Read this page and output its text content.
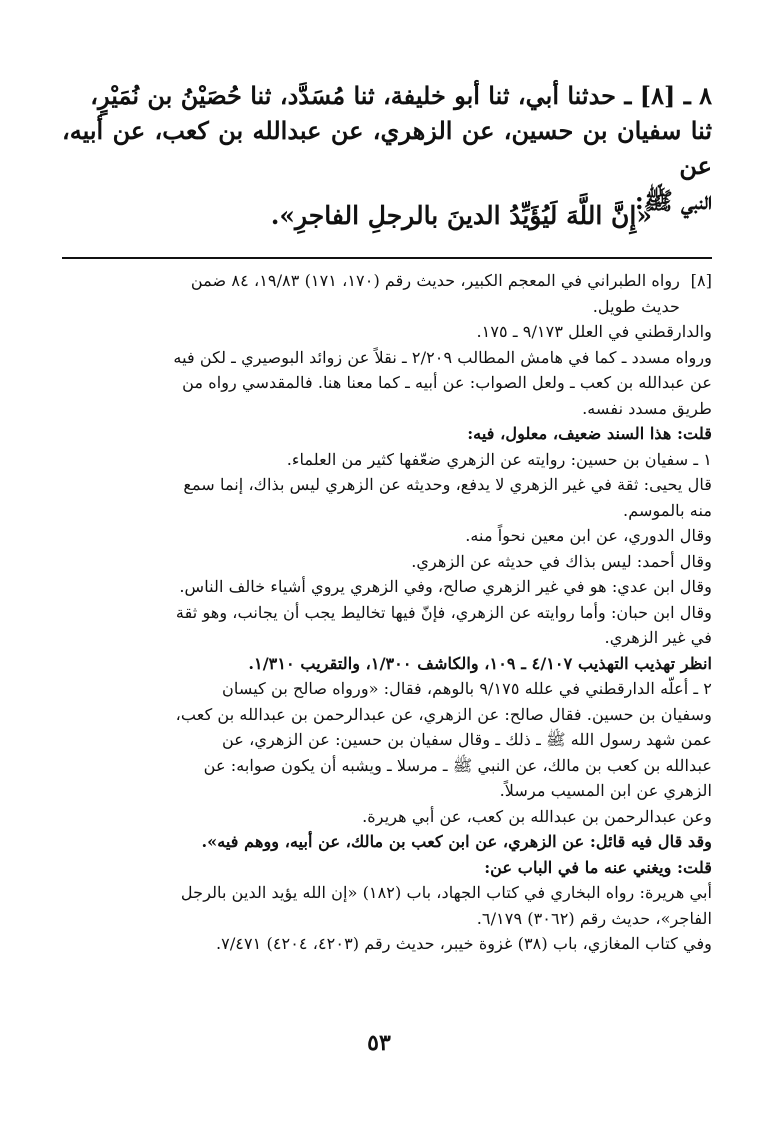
٨ ـ [٨] ـ حدثنا أبي، ثنا أبو خليفة، ثنا مُسَدَّد، ثنا حُصَيْنُ بن نُمَيْرٍ،

ثنا سفيان بن حسين، عن الزهري، عن عبدالله بن كعب، عن أبيه، عن

النبي ﷺ:

«إِنَّ اللَّهَ لَيُؤَيِّدُ الدينَ بالرجلِ الفاجرِ».

[٨]
رواه الطبراني في المعجم الكبير، حديث رقم (١٧٠، ١٧١) ١٩/٨٣، ٨٤ ضمن

حديث طويل.

والدارقطني في العلل ٩/١٧٣ ـ ١٧٥.

ورواه مسدد ـ كما في هامش المطالب ٢/٢٠٩ ـ نقلاً عن زوائد البوصيري ـ لكن فيه

عن عبدالله بن كعب ـ ولعل الصواب: عن أبيه ـ كما معنا هنا. فالمقدسي رواه من

طريق مسدد نفسه.

قلت: هذا السند ضعيف، معلول، فيه:

١ ـ سفيان بن حسين: روايته عن الزهري ضعّفها كثير من العلماء.

قال يحيى: ثقة في غير الزهري لا يدفع، وحديثه عن الزهري ليس بذاك، إنما سمع

منه بالموسم.

وقال الدوري، عن ابن معين نحواً منه.

وقال أحمد: ليس بذاك في حديثه عن الزهري.

وقال ابن عدي: هو في غير الزهري صالح، وفي الزهري يروي أشياء خالف الناس.

وقال ابن حبان: وأما روايته عن الزهري، فإنّ فيها تخاليط يجب أن يجانب، وهو ثقة

في غير الزهري.

انظر تهذيب التهذيب ٤/١٠٧ ـ ١٠٩، والكاشف ١/٣٠٠، والتقريب ١/٣١٠.

٢ ـ أعلّه الدارقطني في علله ٩/١٧٥ بالوهم، فقال: «ورواه صالح بن كيسان

وسفيان بن حسين. فقال صالح: عن الزهري، عن عبدالرحمن بن عبدالله بن كعب،

عمن شهد رسول الله ﷺ ـ ذلك ـ وقال سفيان بن حسين: عن الزهري، عن

عبدالله بن كعب بن مالك، عن النبي ﷺ ـ مرسلا ـ ويشبه أن يكون صوابه: عن

الزهري عن ابن المسيب مرسلاً.

وعن عبدالرحمن بن عبدالله بن كعب، عن أبي هريرة.

وقد قال فيه قائل: عن الزهري، عن ابن كعب بن مالك، عن أبيه، ووهم فيه».

قلت: ويغني عنه ما في الباب عن:

أبي هريرة: رواه البخاري في كتاب الجهاد، باب (١٨٢) «إن الله يؤيد الدين بالرجل

الفاجر»، حديث رقم (٣٠٦٢) ٦/١٧٩.

وفي كتاب المغازي، باب (٣٨) غزوة خيبر، حديث رقم (٤٢٠٣، ٤٢٠٤) ٧/٤٧١.

٥٣
